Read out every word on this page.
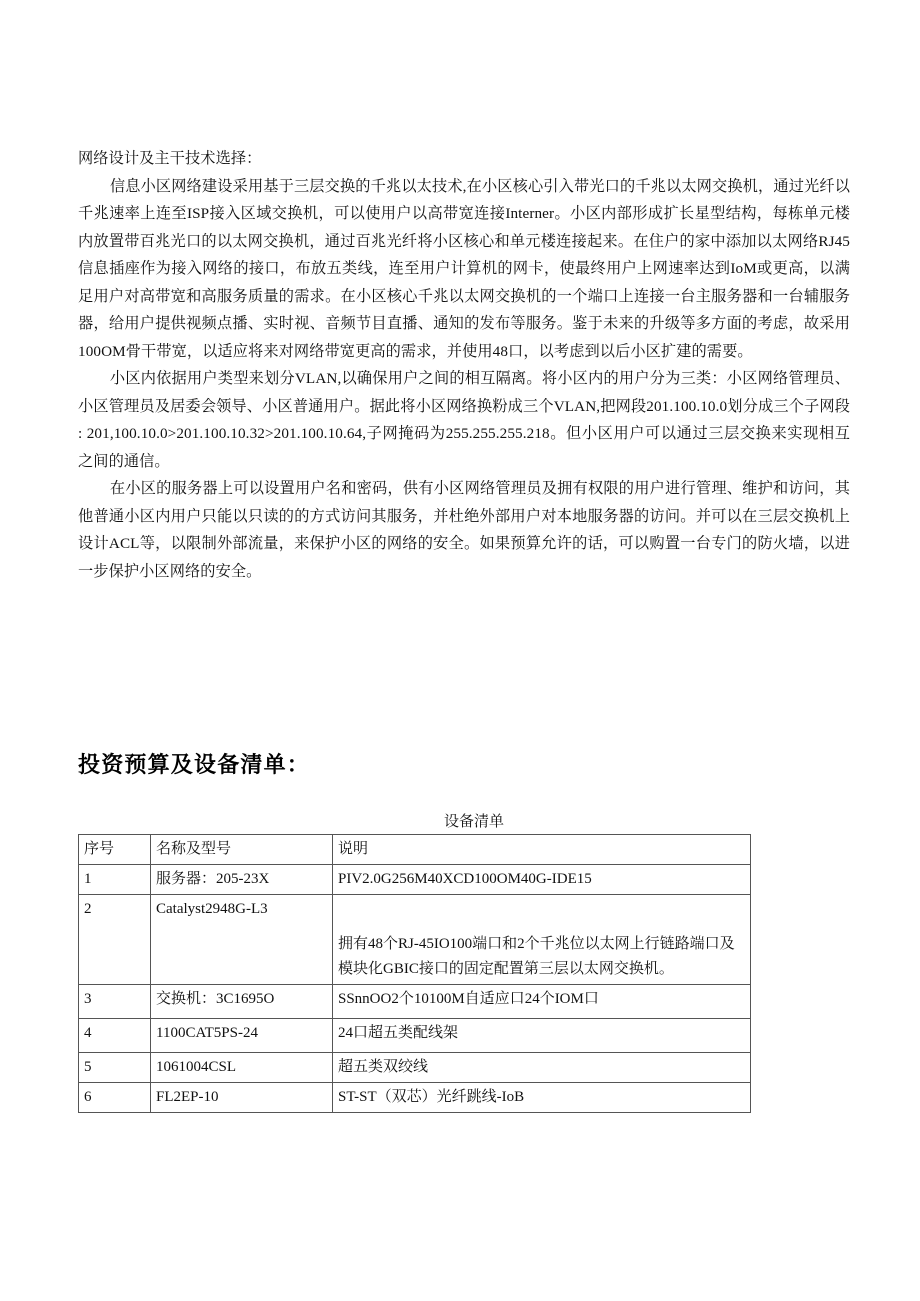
网络设计及主干技术选择：

信息小区网络建设采用基于三层交换的千兆以太技术,在小区核心引入带光口的千兆以太网交换机，通过光纤以千兆速率上连至ISP接入区域交换机，可以使用户以高带宽连接Interner。小区内部形成扩长星型结构，每栋单元楼内放置带百兆光口的以太网交换机，通过百兆光纤将小区核心和单元楼连接起来。在住户的家中添加以太网络RJ45信息插座作为接入网络的接口，布放五类线，连至用户计算机的网卡，使最终用户上网速率达到IoM或更高，以满足用户对高带宽和高服务质量的需求。在小区核心千兆以太网交换机的一个端口上连接一台主服务器和一台辅服务器，给用户提供视频点播、实时视、音频节目直播、通知的发布等服务。鉴于未来的升级等多方面的考虑，故采用100OM骨干带宽，以适应将来对网络带宽更高的需求，并使用48口，以考虑到以后小区扩建的需要。

小区内依据用户类型来划分VLAN,以确保用户之间的相互隔离。将小区内的用户分为三类：小区网络管理员、小区管理员及居委会领导、小区普通用户。据此将小区网络换粉成三个VLAN,把网段201.100.10.0划分成三个子网段 : 201,100.10.0>201.100.10.32>201.100.10.64,子网掩码为255.255.255.218。但小区用户可以通过三层交换来实现相互之间的通信。

在小区的服务器上可以设置用户名和密码，供有小区网络管理员及拥有权限的用户进行管理、维护和访问，其他普通小区内用户只能以只读的的方式访问其服务，并杜绝外部用户对本地服务器的访问。并可以在三层交换机上设计ACL等，以限制外部流量，来保护小区的网络的安全。如果预算允许的话，可以购置一台专门的防火墙，以进一步保护小区网络的安全。

投资预算及设备清单：
设备清单
序号	名称及型号	说明
1	服务器：205-23X	PIV2.0G256M40XCD100OM40G-IDE15
2	Catalyst2948G-L3	拥有48个RJ-45IO100端口和2个千兆位以太网上行链路端口及
模块化GBIC接口的固定配置第三层以太网交换机。

3	交换机：3C1695O	SSnnOO2个10100M自适应口24个IOM口
4	1100CAT5PS-24	24口超五类配线架
5	1061004CSL	超五类双绞线
6	FL2EP-10	ST-ST（双芯）光纤跳线-IoB
